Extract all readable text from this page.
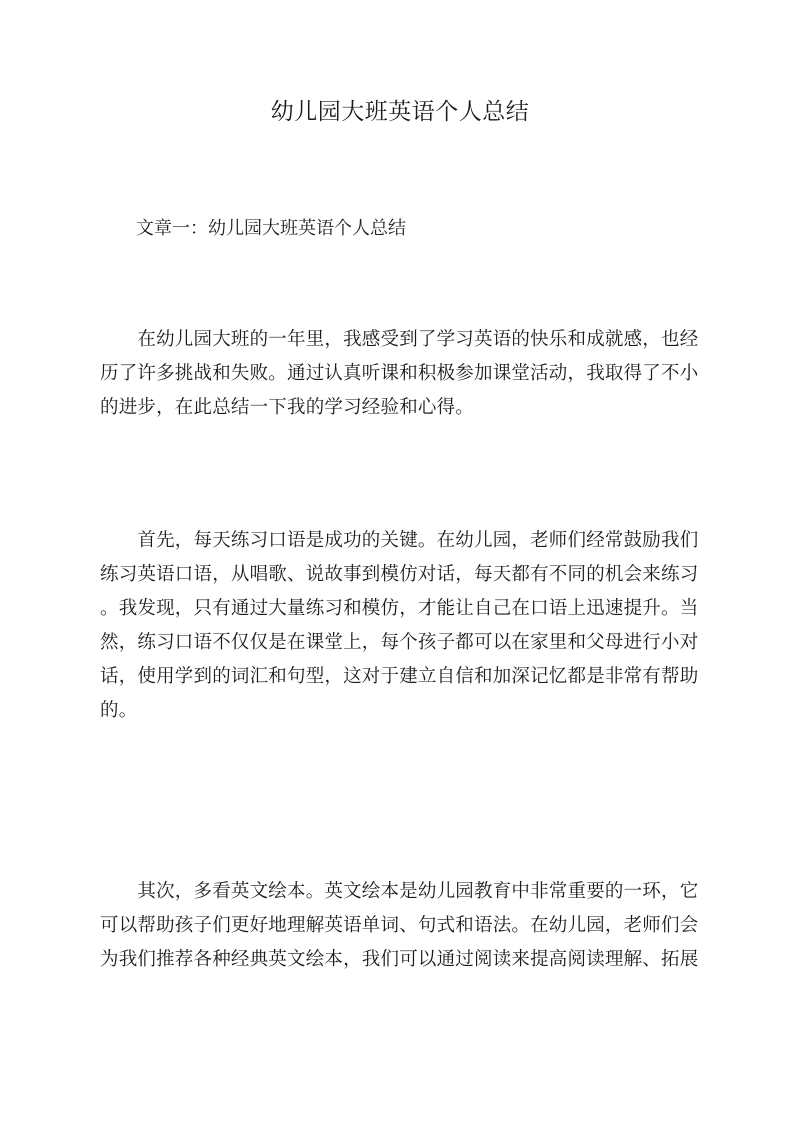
幼儿园大班英语个人总结
文章一：幼儿园大班英语个人总结
　　在幼儿园大班的一年里，我感受到了学习英语的快乐和成就感，也经
历了许多挑战和失败。通过认真听课和积极参加课堂活动，我取得了不小
的进步，在此总结一下我的学习经验和心得。
　　首先，每天练习口语是成功的关键。在幼儿园，老师们经常鼓励我们
练习英语口语，从唱歌、说故事到模仿对话，每天都有不同的机会来练习
。我发现，只有通过大量练习和模仿，才能让自己在口语上迅速提升。当
然，练习口语不仅仅是在课堂上，每个孩子都可以在家里和父母进行小对
话，使用学到的词汇和句型，这对于建立自信和加深记忆都是非常有帮助
的。
　　其次，多看英文绘本。英文绘本是幼儿园教育中非常重要的一环，它
可以帮助孩子们更好地理解英语单词、句式和语法。在幼儿园，老师们会
为我们推荐各种经典英文绘本，我们可以通过阅读来提高阅读理解、拓展
